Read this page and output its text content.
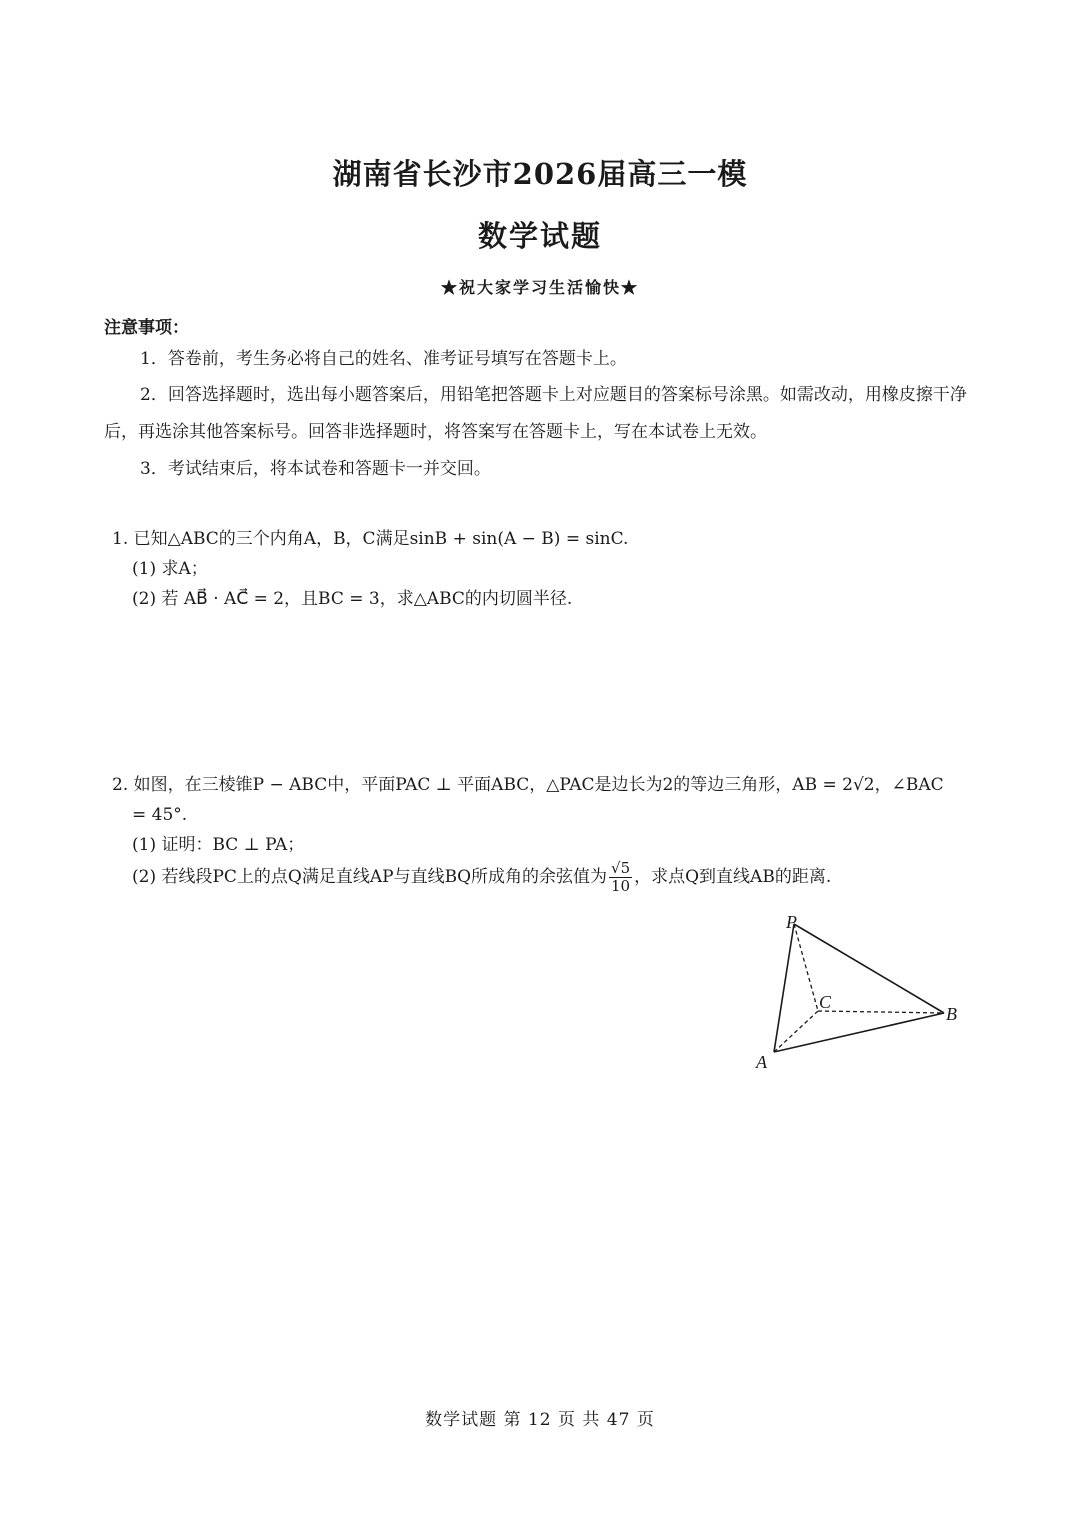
湖南省长沙市2026届高三一模
数学试题
★祝大家学习生活愉快★
注意事项：
1．答卷前，考生务必将自己的姓名、准考证号填写在答题卡上。
2．回答选择题时，选出每小题答案后，用铅笔把答题卡上对应题目的答案标号涂黑。如需改动，用橡皮擦干净后，再选涂其他答案标号。回答非选择题时，将答案写在答题卡上，写在本试卷上无效。
3．考试结束后，将本试卷和答题卡一并交回。
1. 已知△ABC的三个内角A，B，C满足sinB + sin(A − B) = sinC.
(1) 求A；
(2) 若 AB⃗ · AC⃗ = 2，且BC = 3，求△ABC的内切圆半径.
2. 如图，在三棱锥P − ABC中，平面PAC ⊥ 平面ABC，△PAC是边长为2的等边三角形，AB = 2√2，∠BAC
= 45°.
(1) 证明：BC ⊥ PA；
(2) 若线段PC上的点Q满足直线AP与直线BQ所成角的余弦值为 $\frac{√5}{10}$ ，求点Q到直线AB的距离.
P
C
B
A
数学试题 第 12 页 共 47 页
